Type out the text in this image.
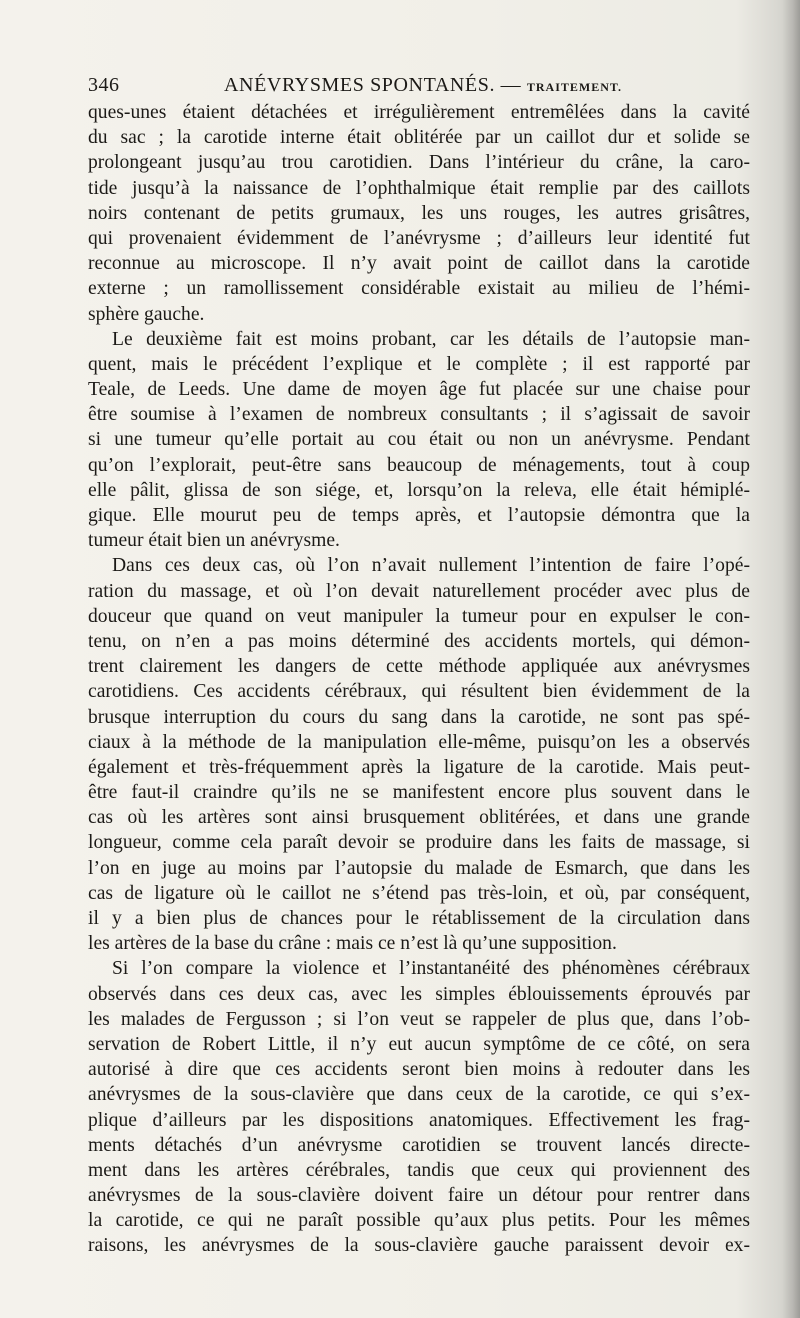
346	ANÉVRYSMES SPONTANÉS. — TRAITEMENT.
ques-unes étaient détachées et irrégulièrement entremêlées dans la cavité
du sac ; la carotide interne était oblitérée par un caillot dur et solide se
prolongeant jusqu’au trou carotidien. Dans l’intérieur du crâne, la caro-
tide jusqu’à la naissance de l’ophthalmique était remplie par des caillots
noirs contenant de petits grumaux, les uns rouges, les autres grisâtres,
qui provenaient évidemment de l’anévrysme ; d’ailleurs leur identité fut
reconnue au microscope. Il n’y avait point de caillot dans la carotide
externe ; un ramollissement considérable existait au milieu de l’hémi-
sphère gauche.
Le deuxième fait est moins probant, car les détails de l’autopsie man-
quent, mais le précédent l’explique et le complète ; il est rapporté par
Teale, de Leeds. Une dame de moyen âge fut placée sur une chaise pour
être soumise à l’examen de nombreux consultants ; il s’agissait de savoir
si une tumeur qu’elle portait au cou était ou non un anévrysme. Pendant
qu’on l’explorait, peut-être sans beaucoup de ménagements, tout à coup
elle pâlit, glissa de son siége, et, lorsqu’on la releva, elle était hémiplé-
gique. Elle mourut peu de temps après, et l’autopsie démontra que la
tumeur était bien un anévrysme.
Dans ces deux cas, où l’on n’avait nullement l’intention de faire l’opé-
ration du massage, et où l’on devait naturellement procéder avec plus de
douceur que quand on veut manipuler la tumeur pour en expulser le con-
tenu, on n’en a pas moins déterminé des accidents mortels, qui démon-
trent clairement les dangers de cette méthode appliquée aux anévrysmes
carotidiens. Ces accidents cérébraux, qui résultent bien évidemment de la
brusque interruption du cours du sang dans la carotide, ne sont pas spé-
ciaux à la méthode de la manipulation elle-même, puisqu’on les a observés
également et très-fréquemment après la ligature de la carotide. Mais peut-
être faut-il craindre qu’ils ne se manifestent encore plus souvent dans le
cas où les artères sont ainsi brusquement oblitérées, et dans une grande
longueur, comme cela paraît devoir se produire dans les faits de massage, si
l’on en juge au moins par l’autopsie du malade de Esmarch, que dans les
cas de ligature où le caillot ne s’étend pas très-loin, et où, par conséquent,
il y a bien plus de chances pour le rétablissement de la circulation dans
les artères de la base du crâne : mais ce n’est là qu’une supposition.
Si l’on compare la violence et l’instantanéité des phénomènes cérébraux
observés dans ces deux cas, avec les simples éblouissements éprouvés par
les malades de Fergusson ; si l’on veut se rappeler de plus que, dans l’ob-
servation de Robert Little, il n’y eut aucun symptôme de ce côté, on sera
autorisé à dire que ces accidents seront bien moins à redouter dans les
anévrysmes de la sous-clavière que dans ceux de la carotide, ce qui s’ex-
plique d’ailleurs par les dispositions anatomiques. Effectivement les frag-
ments détachés d’un anévrysme carotidien se trouvent lancés directe-
ment dans les artères cérébrales, tandis que ceux qui proviennent des
anévrysmes de la sous-clavière doivent faire un détour pour rentrer dans
la carotide, ce qui ne paraît possible qu’aux plus petits. Pour les mêmes
raisons, les anévrysmes de la sous-clavière gauche paraissent devoir ex-
